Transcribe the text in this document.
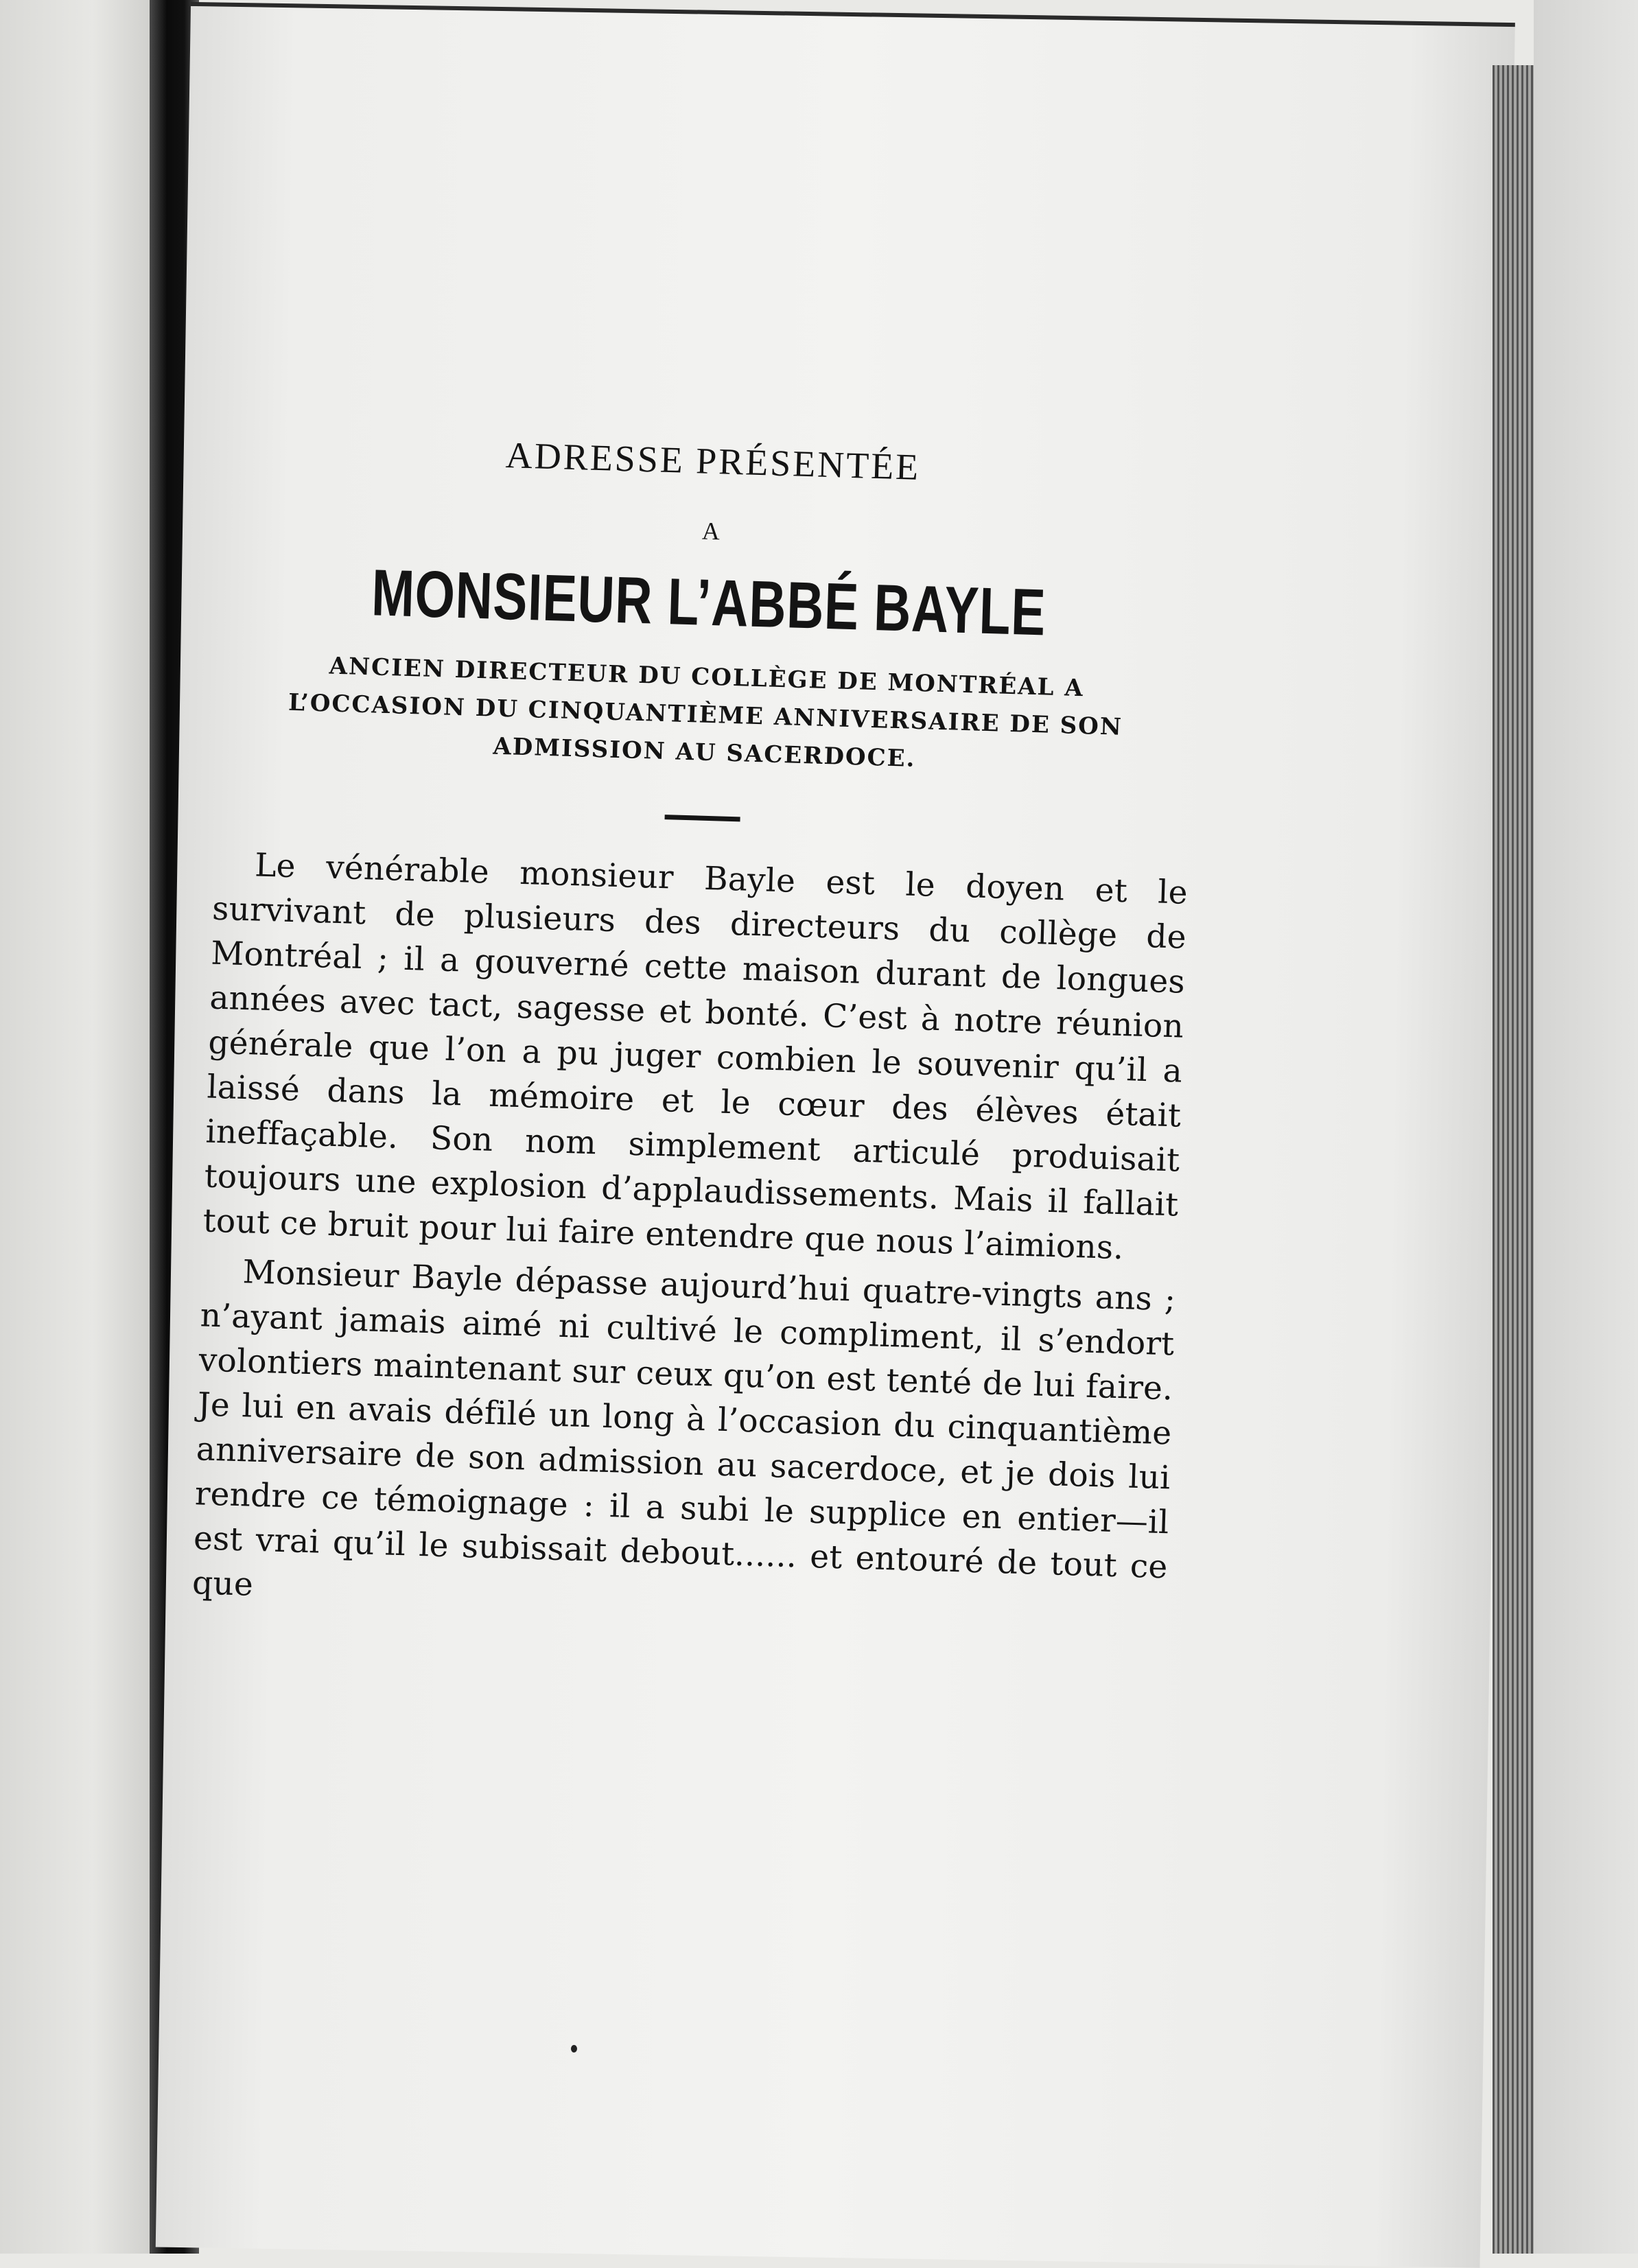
ADRESSE PRÉSENTÉE
A
MONSIEUR L’ABBÉ BAYLE
ANCIEN DIRECTEUR DU COLLÈGE DE MONTRÉAL A L’OCCASION DU CINQUANTIÈME ANNIVERSAIRE DE SON ADMISSION AU SACERDOCE.

Le vénérable monsieur Bayle est le doyen et le survivant de plusieurs des directeurs du collège de Montréal ; il a gouverné cette maison durant de longues années avec tact, sagesse et bonté. C’est à notre réunion générale que l’on a pu juger combien le souvenir qu’il a laissé dans la mémoire et le cœur des élèves était ineffaçable. Son nom simplement articulé produisait toujours une explosion d’applaudissements. Mais il fallait tout ce bruit pour lui faire entendre que nous l’aimions.

Monsieur Bayle dépasse aujourd’hui quatre-vingts ans ; n’ayant jamais aimé ni cultivé le compliment, il s’endort volontiers maintenant sur ceux qu’on est tenté de lui faire. Je lui en avais défilé un long à l’occasion du cinquantième anniversaire de son admission au sacerdoce, et je dois lui rendre ce témoignage : il a subi le supplice en entier—il est vrai qu’il le subissait debout...... et entouré de tout ce que
